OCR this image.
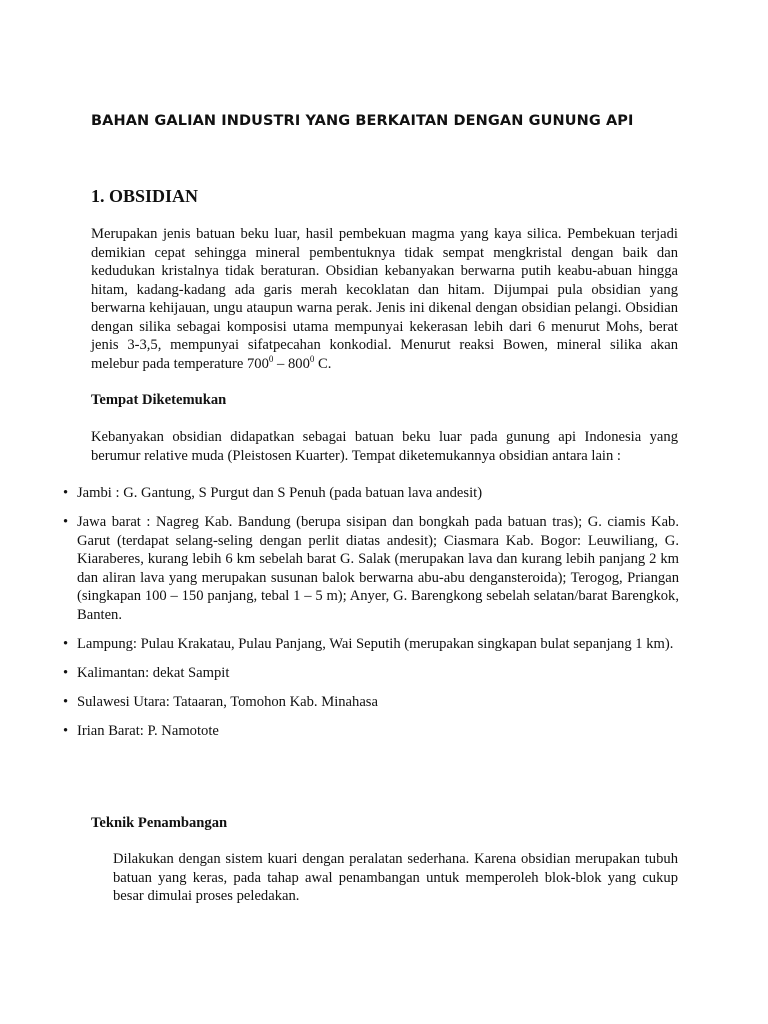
BAHAN GALIAN INDUSTRI YANG BERKAITAN DENGAN GUNUNG API
1. OBSIDIAN

Merupakan jenis batuan beku luar, hasil pembekuan magma yang kaya silica. Pembekuan terjadi demikian cepat sehingga mineral pembentuknya tidak sempat mengkristal dengan baik dan kedudukan kristalnya tidak beraturan. Obsidian kebanyakan berwarna putih keabu-abuan hingga hitam, kadang-kadang ada garis merah kecoklatan dan hitam. Dijumpai pula obsidian yang berwarna kehijauan, ungu ataupun warna perak. Jenis ini dikenal dengan obsidian pelangi. Obsidian dengan silika sebagai komposisi utama mempunyai kekerasan lebih dari 6 menurut Mohs, berat jenis 3-3,5, mempunyai sifatpecahan konkodial. Menurut reaksi Bowen, mineral silika akan melebur pada temperature $700^0 - 800^0$ C.

Tempat Diketemukan

Kebanyakan obsidian didapatkan sebagai batuan beku luar pada gunung api Indonesia yang berumur relative muda (Pleistosen Kuarter). Tempat diketemukannya obsidian antara lain :

• Jambi : G. Gantung, S Purgut dan S Penuh (pada batuan lava andesit)
• Jawa barat : Nagreg Kab. Bandung (berupa sisipan dan bongkah pada batuan tras); G. ciamis Kab. Garut (terdapat selang-seling dengan perlit diatas andesit); Ciasmara Kab. Bogor: Leuwiliang, G. Kiaraberes, kurang lebih 6 km sebelah barat G. Salak (merupakan lava dan kurang lebih panjang 2 km dan aliran lava yang merupakan susunan balok berwarna abu-abu dengansteroida); Terogog, Priangan (singkapan 100 – 150 panjang, tebal 1 – 5 m); Anyer, G. Barengkong sebelah selatan/barat Barengkok, Banten.
• Lampung: Pulau Krakatau, Pulau Panjang, Wai Seputih (merupakan singkapan bulat sepanjang 1 km).
• Kalimantan: dekat Sampit
• Sulawesi Utara: Tataaran, Tomohon Kab. Minahasa
• Irian Barat: P. Namotote
Teknik Penambangan

Dilakukan dengan sistem kuari dengan peralatan sederhana. Karena obsidian merupakan tubuh batuan yang keras, pada tahap awal penambangan untuk memperoleh blok-blok yang cukup besar dimulai proses peledakan.
